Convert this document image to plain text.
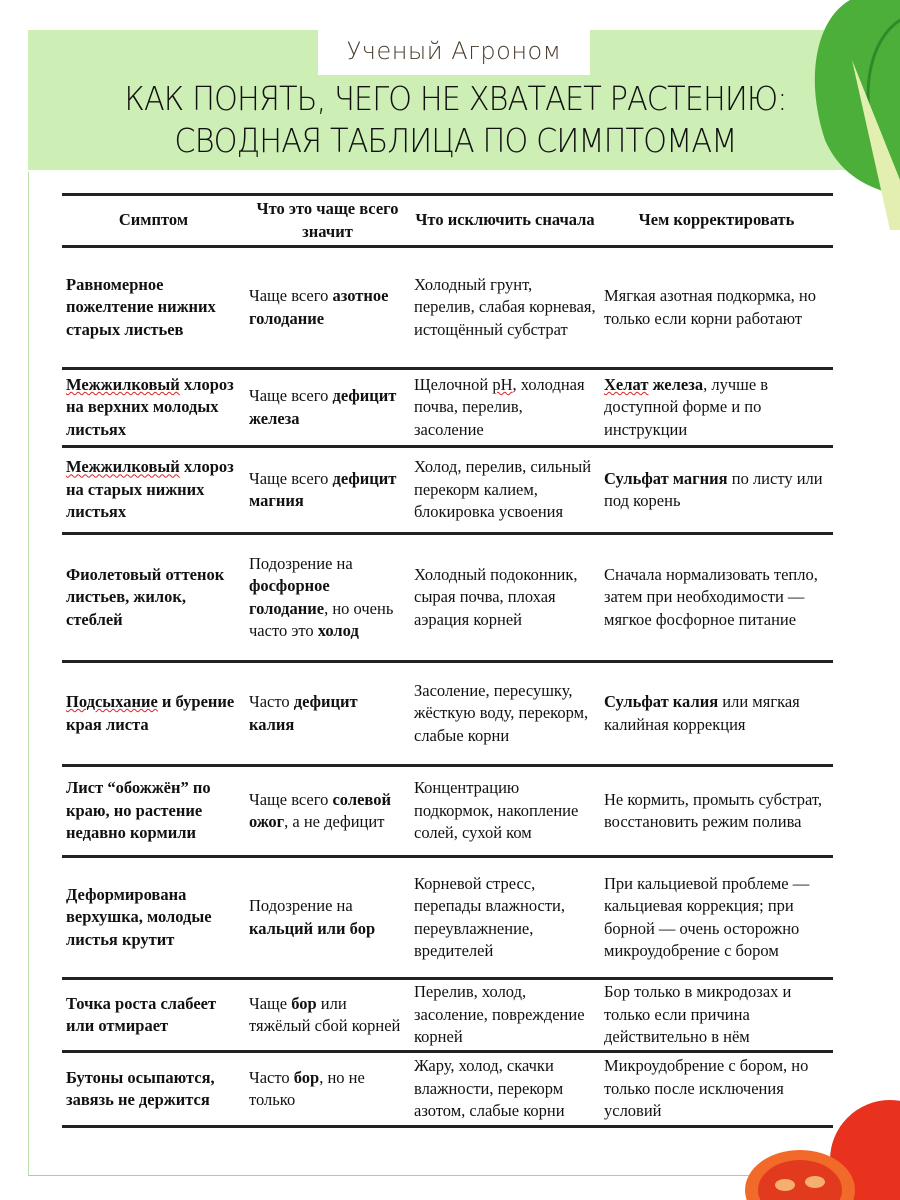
Ученый Агроном
КАК ПОНЯТЬ, ЧЕГО НЕ ХВАТАЕТ РАСТЕНИЮ:
СВОДНАЯ ТАБЛИЦА ПО СИМПТОМАМ
Симптом	Что это чаще всего значит	Что исключить сначала	Чем корректировать
Равномерное пожелтение нижних старых листьев	Чаще всего азотное голодание	Холодный грунт, перелив, слабая корневая, истощённый субстрат	Мягкая азотная подкормка, но только если корни работают
Межжилковый хлороз на верхних молодых листьях	Чаще всего дефицит железа	Щелочной pH, холодная почва, перелив, засоление	Хелат железа, лучше в доступной форме и по инструкции
Межжилковый хлороз на старых нижних листьях	Чаще всего дефицит магния	Холод, перелив, сильный перекорм калием, блокировка усвоения	Сульфат магния по листу или под корень
Фиолетовый оттенок листьев, жилок, стеблей	Подозрение на фосфорное голодание, но очень часто это холод	Холодный подоконник, сырая почва, плохая аэрация корней	Сначала нормализовать тепло, затем при необходимости — мягкое фосфорное питание
Подсыхание и бурение края листа	Часто дефицит калия	Засоление, пересушку, жёсткую воду, перекорм, слабые корни	Сульфат калия или мягкая калийная коррекция
Лист “обожжён” по краю, но растение недавно кормили	Чаще всего солевой ожог, а не дефицит	Концентрацию подкормок, накопление солей, сухой ком	Не кормить, промыть субстрат, восстановить режим полива
Деформирована верхушка, молодые листья крутит	Подозрение на кальций или бор	Корневой стресс, перепады влажности, переувлажнение, вредителей	При кальциевой проблеме — кальциевая коррекция; при борной — очень осторожно микроудобрение с бором
Точка роста слабеет или отмирает	Чаще бор или тяжёлый сбой корней	Перелив, холод, засоление, повреждение корней	Бор только в микродозах и только если причина действительно в нём
Бутоны осыпаются, завязь не держится	Часто бор, но не только	Жару, холод, скачки влажности, перекорм азотом, слабые корни	Микроудобрение с бором, но только после исключения условий
